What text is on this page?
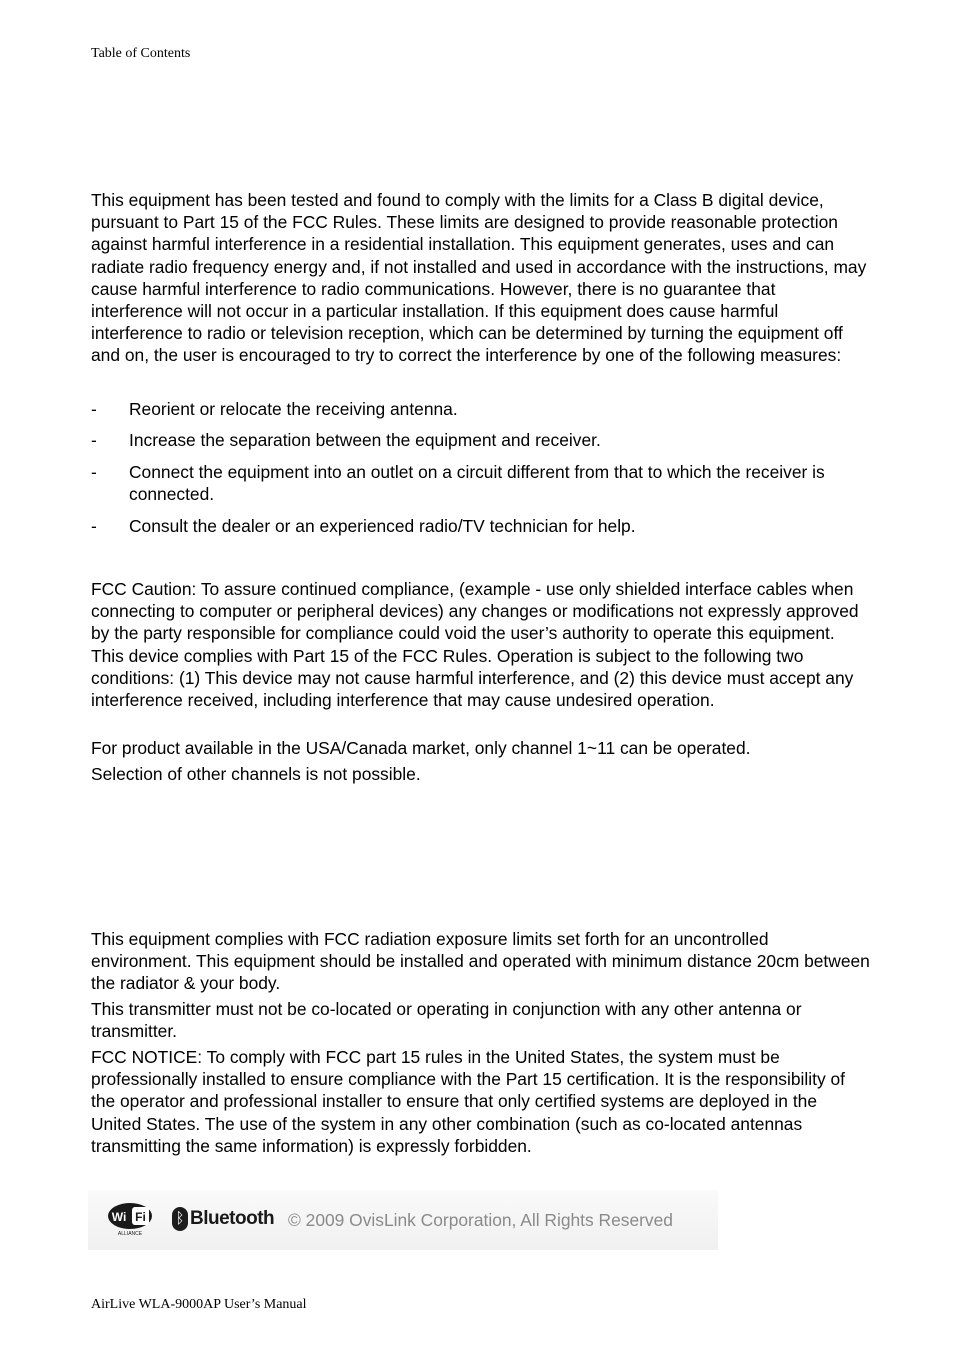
Table of Contents

This equipment has been tested and found to comply with the limits for a Class B digital device, pursuant to Part 15 of the FCC Rules. These limits are designed to provide reasonable protection against harmful interference in a residential installation. This equipment generates, uses and can radiate radio frequency energy and, if not installed and used in accordance with the instructions, may cause harmful interference to radio communications. However, there is no guarantee that interference will not occur in a particular installation. If this equipment does cause harmful interference to radio or television reception, which can be determined by turning the equipment off and on, the user is encouraged to try to correct the interference by one of the following measures:

- Reorient or relocate the receiving antenna.
- Increase the separation between the equipment and receiver.
- Connect the equipment into an outlet on a circuit different from that to which the receiver is connected.
- Consult the dealer or an experienced radio/TV technician for help.

FCC Caution: To assure continued compliance, (example - use only shielded interface cables when connecting to computer or peripheral devices) any changes or modifications not expressly approved by the party responsible for compliance could void the user’s authority to operate this equipment. This device complies with Part 15 of the FCC Rules. Operation is subject to the following two conditions: (1) This device may not cause harmful interference, and (2) this device must accept any interference received, including interference that may cause undesired operation.

For product available in the USA/Canada market, only channel 1~11 can be operated.

Selection of other channels is not possible.

This equipment complies with FCC radiation exposure limits set forth for an uncontrolled environment. This equipment should be installed and operated with minimum distance 20cm between the radiator & your body.

This transmitter must not be co-located or operating in conjunction with any other antenna or transmitter.

FCC NOTICE: To comply with FCC part 15 rules in the United States, the system must be professionally installed to ensure compliance with the Part 15 certification. It is the responsibility of the operator and professional installer to ensure that only certified systems are deployed in the United States. The use of the system in any other combination (such as co-located antennas transmitting the same information) is expressly forbidden.

Wi Fi
ALLIANCE
ᛒ Bluetooth © 2009 OvisLink Corporation, All Rights Reserved
AirLive WLA-9000AP User’s Manual
